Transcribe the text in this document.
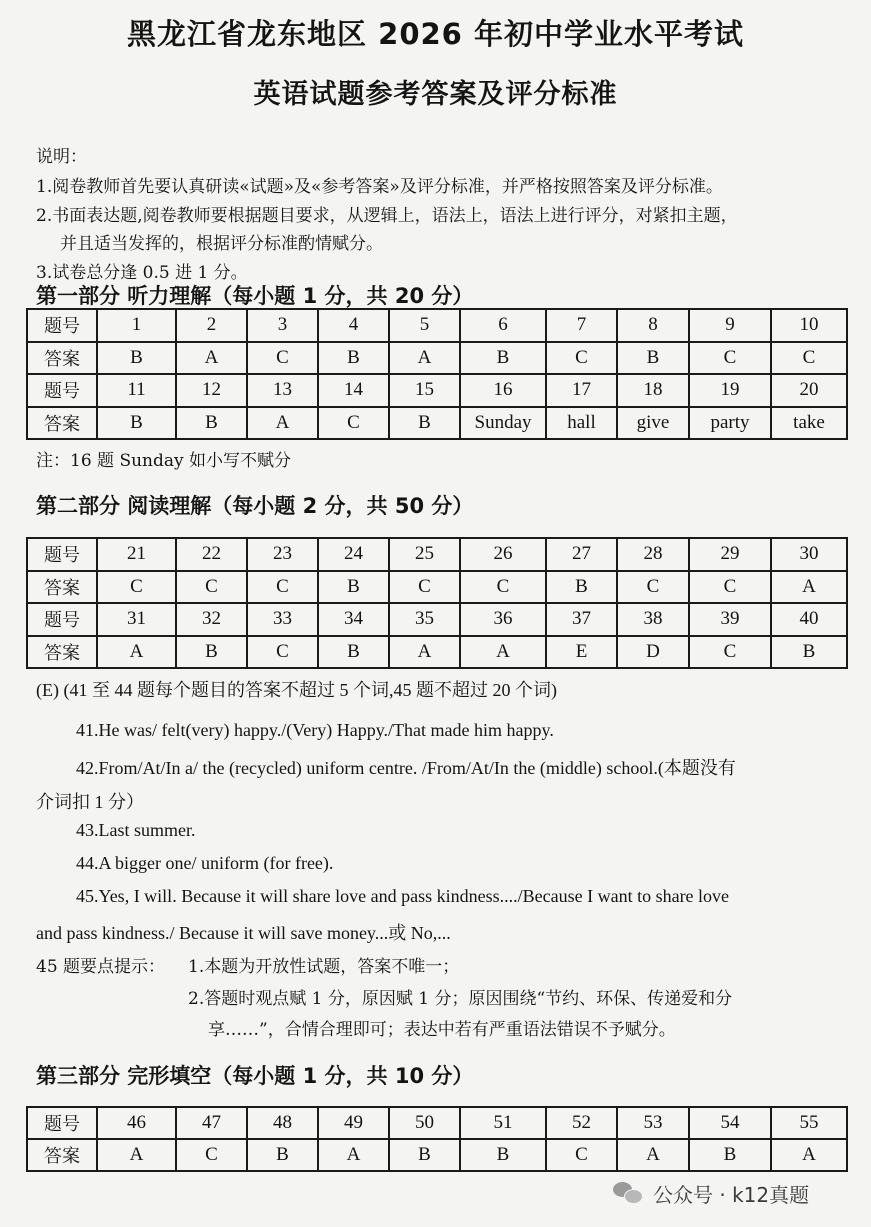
黑龙江省龙东地区 2026 年初中学业水平考试
英语试题参考答案及评分标准
说明：
1.阅卷教师首先要认真研读«试题»及«参考答案»及评分标准，并严格按照答案及评分标准。
2.书面表达题,阅卷教师要根据题目要求，从逻辑上，语法上，语法上进行评分，对紧扣主题，
并且适当发挥的，根据评分标准酌情赋分。
3.试卷总分逢 0.5 进 1 分。
第一部分 听力理解（每小题 1 分，共 20 分）
题号	1	2	3	4	5	6	7	8	9	10
答案	B	A	C	B	A	B	C	B	C	C
题号	11	12	13	14	15	16	17	18	19	20
答案	B	B	A	C	B	Sunday	hall	give	party	take
注：16 题 Sunday 如小写不赋分
第二部分 阅读理解（每小题 2 分，共 50 分）
题号	21	22	23	24	25	26	27	28	29	30
答案	C	C	C	B	C	C	B	C	C	A
题号	31	32	33	34	35	36	37	38	39	40
答案	A	B	C	B	A	A	E	D	C	B
(E) (41 至 44 题每个题目的答案不超过 5 个词,45 题不超过 20 个词)
41.He was/ felt(very) happy./(Very) Happy./That made him happy.
42.From/At/In a/ the (recycled) uniform centre. /From/At/In the (middle) school.(本题没有
介词扣 1 分）
43.Last summer.
44.A bigger one/ uniform (for free).
45.Yes, I will. Because it will share love and pass kindness..../Because I want to share love
and pass kindness./ Because it will save money...或 No,...
45 题要点提示： 1.本题为开放性试题，答案不唯一；
2.答题时观点赋 1 分，原因赋 1 分；原因围绕“节约、环保、传递爱和分
享……”，合情合理即可；表达中若有严重语法错误不予赋分。
第三部分 完形填空（每小题 1 分，共 10 分）
题号	46	47	48	49	50	51	52	53	54	55
答案	A	C	B	A	B	B	C	A	B	A
公众号 · k12真题
